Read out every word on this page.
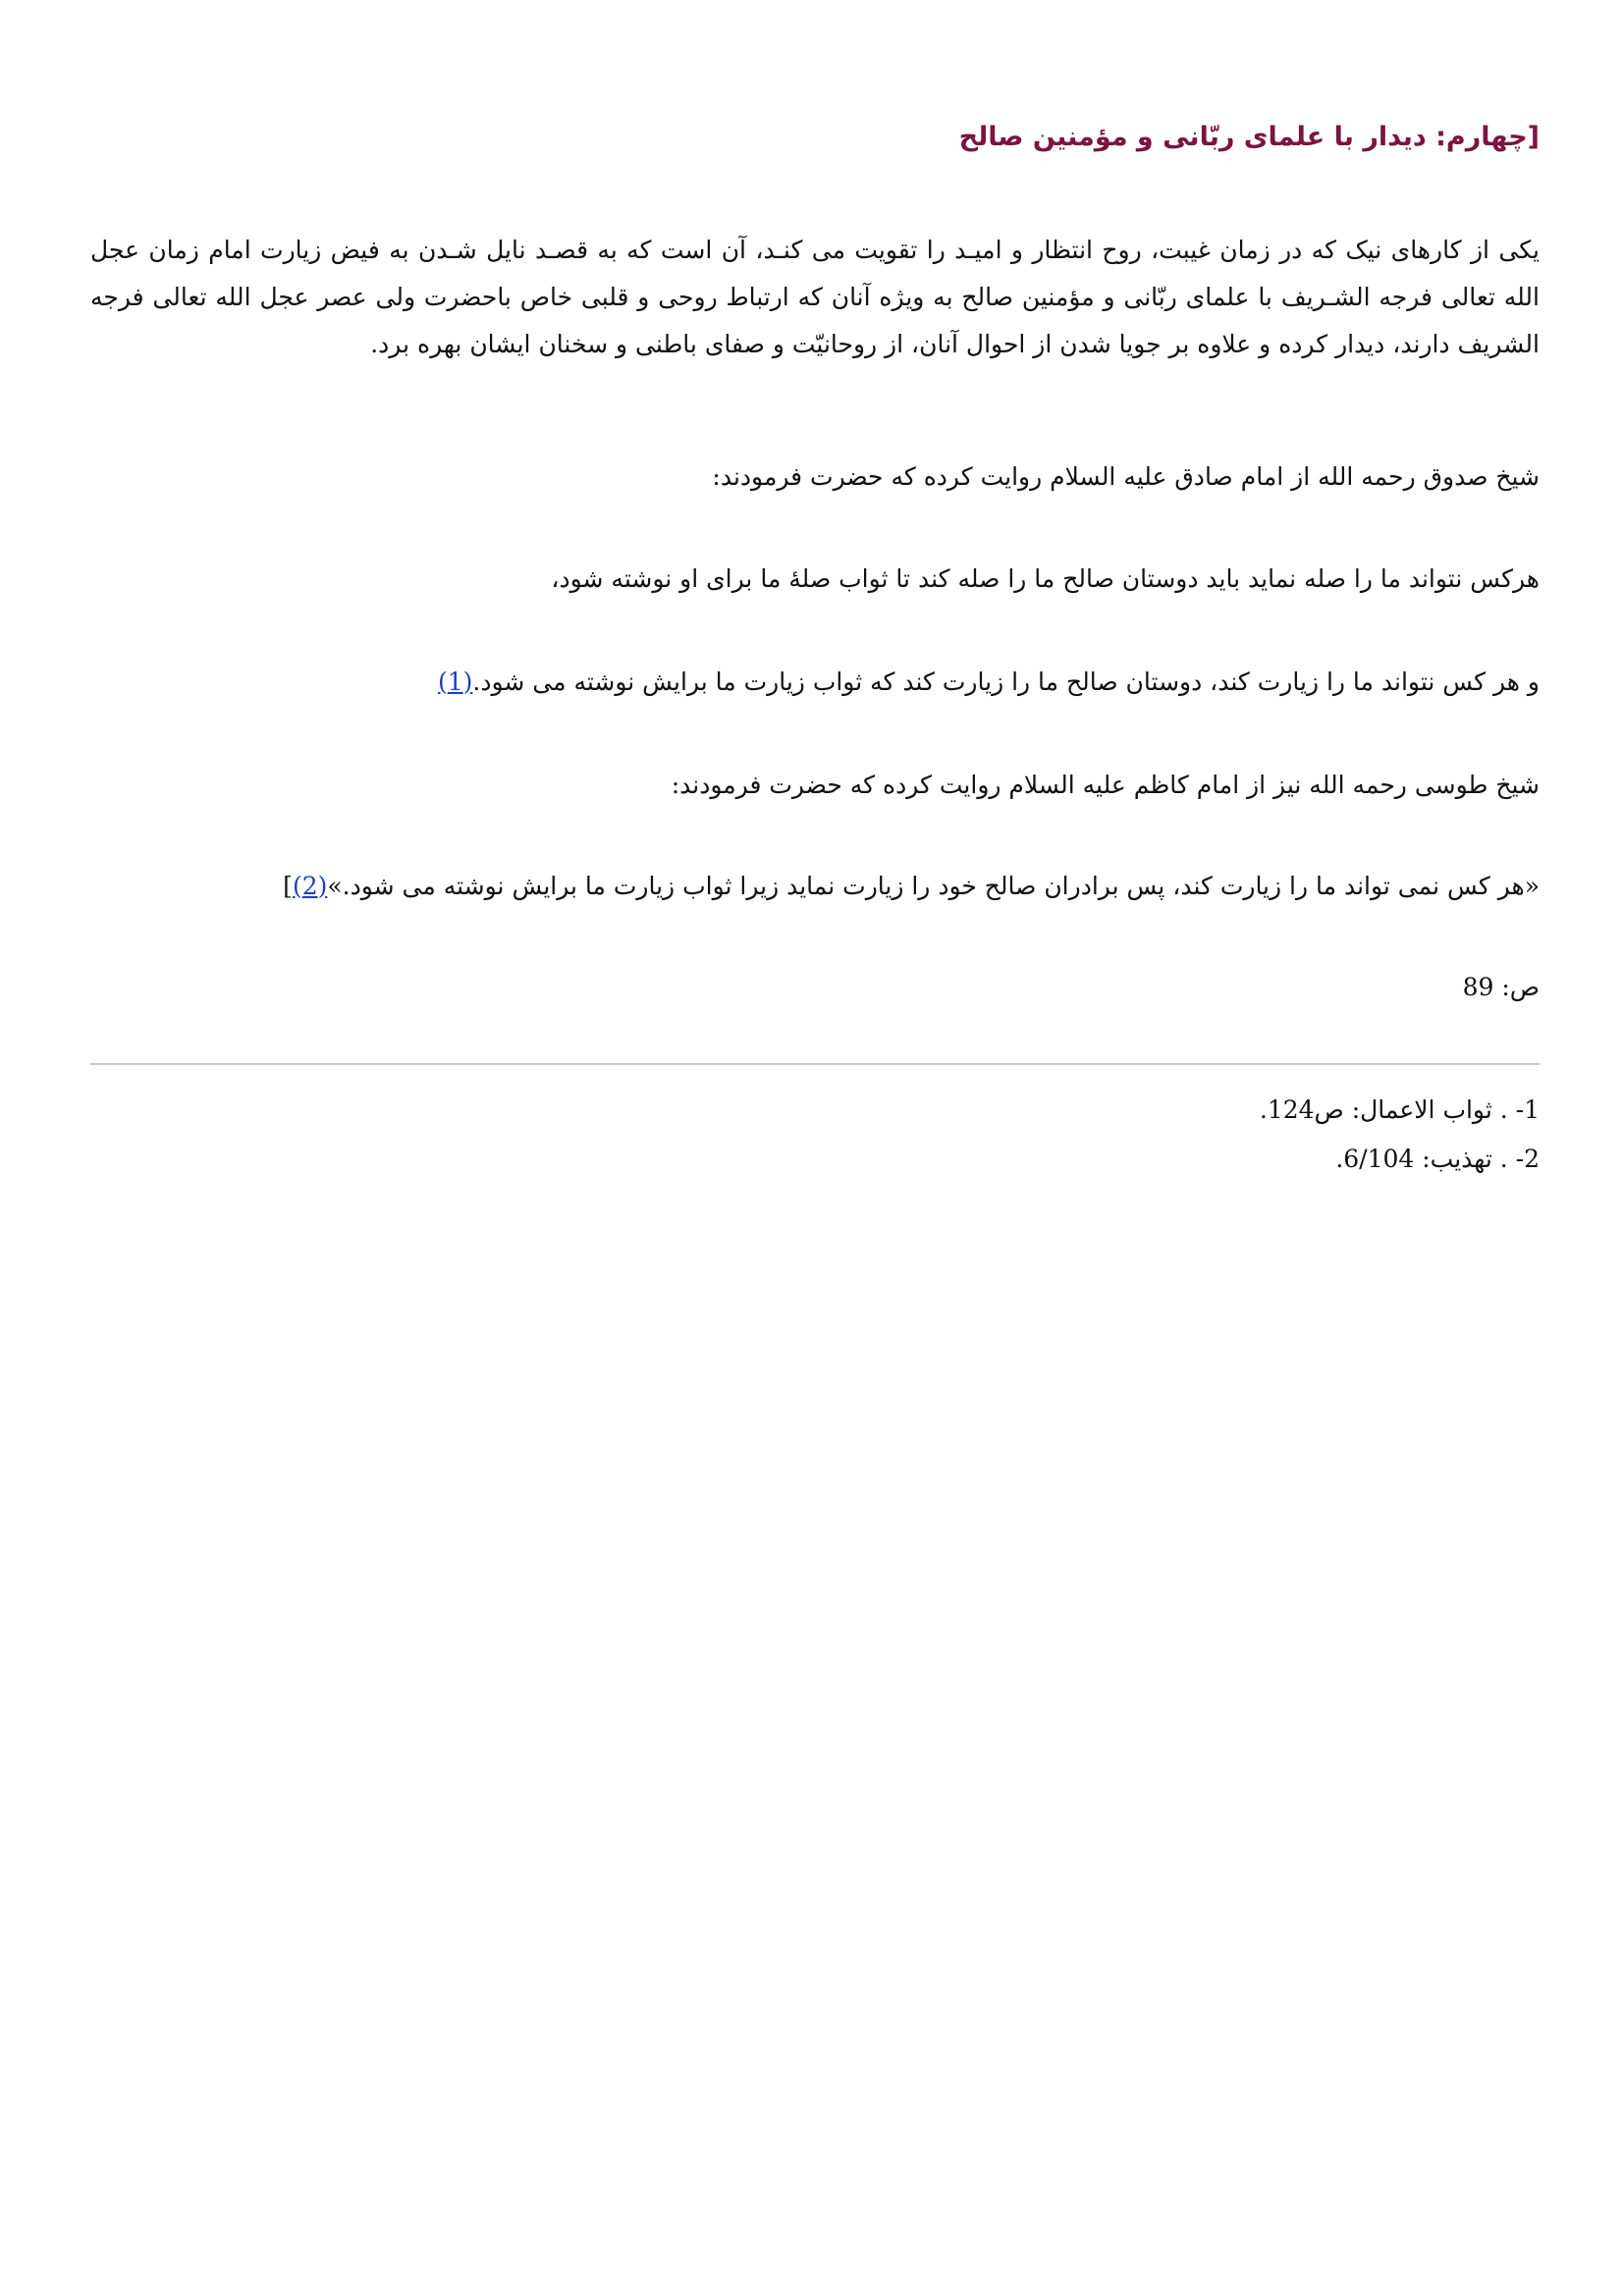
[چهارم: دیدار با علمای ربّانی و مؤمنین صالح

یکی از کارهای نیک که در زمان غیبت، روح انتظار و امیـد را تقویت می کنـد، آن است که به قصـد نایل شـدن به فیض زیارت امام زمان عجل الله تعالی فرجه الشـریف با علمای ربّانی و مؤمنین صالح به ویژه آنان که ارتباط روحی و قلبی خاص باحضرت ولی عصر عجل الله تعالی فرجه الشریف دارند، دیدار کرده و علاوه بر جویا شدن از احوال آنان، از روحانیّت و صفای باطنی و سخنان ایشان بهره برد.

شیخ صدوق رحمه الله از امام صادق علیه السلام روایت کرده که حضرت فرمودند:

هرکس نتواند ما را صله نماید باید دوستان صالح ما را صله کند تا ثواب صلهٔ ما برای او نوشته شود،

و هر کس نتواند ما را زیارت کند، دوستان صالح ما را زیارت کند که ثواب زیارت ما برایش نوشته می شود.(1)

شیخ طوسی رحمه الله نیز از امام کاظم علیه السلام روایت کرده که حضرت فرمودند:

«هر کس نمی تواند ما را زیارت کند، پس برادران صالح خود را زیارت نماید زیرا ثواب زیارت ما برایش نوشته می شود.»(2)]

ص: 89

1- . ثواب الاعمال: ص124.
2- . تهذیب: 6/104.
